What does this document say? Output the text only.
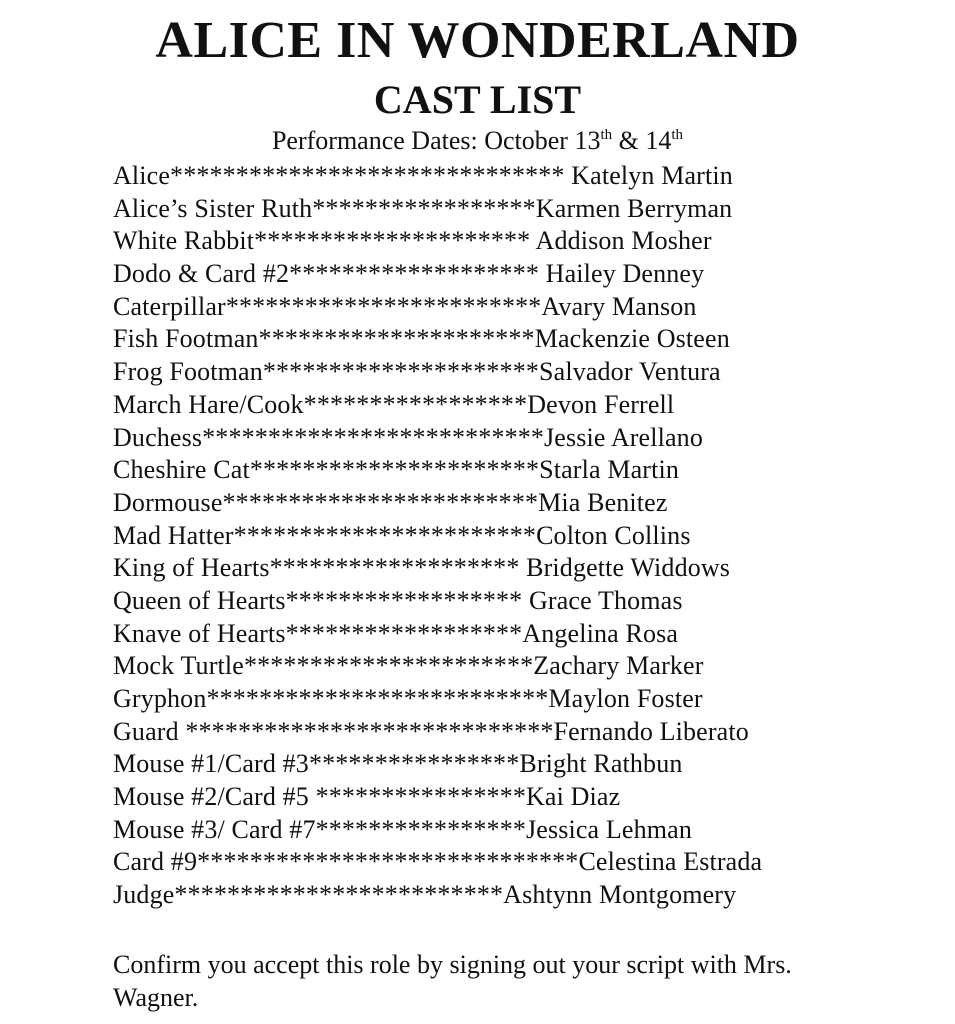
ALICE IN WONDERLAND
CAST LIST

Performance Dates: October 13th & 14th

Alice****************************** Katelyn Martin
Alice’s Sister Ruth*****************Karmen Berryman
White Rabbit********************* Addison Mosher
Dodo & Card #2******************* Hailey Denney
Caterpillar************************Avary Manson
Fish Footman*********************Mackenzie Osteen
Frog Footman*********************Salvador Ventura
March Hare/Cook*****************Devon Ferrell
Duchess**************************Jessie Arellano
Cheshire Cat**********************Starla Martin
Dormouse************************Mia Benitez
Mad Hatter***********************Colton Collins
King of Hearts******************* Bridgette Widdows
Queen of Hearts****************** Grace Thomas
Knave of Hearts******************Angelina Rosa
Mock Turtle**********************Zachary Marker
Gryphon**************************Maylon Foster
Guard ****************************Fernando Liberato
Mouse #1/Card #3****************Bright Rathbun
Mouse #2/Card #5 ****************Kai Diaz
Mouse #3/ Card #7****************Jessica Lehman
Card #9*****************************Celestina Estrada
Judge*************************Ashtynn Montgomery

Confirm you accept this role by signing out your script with Mrs. Wagner.
